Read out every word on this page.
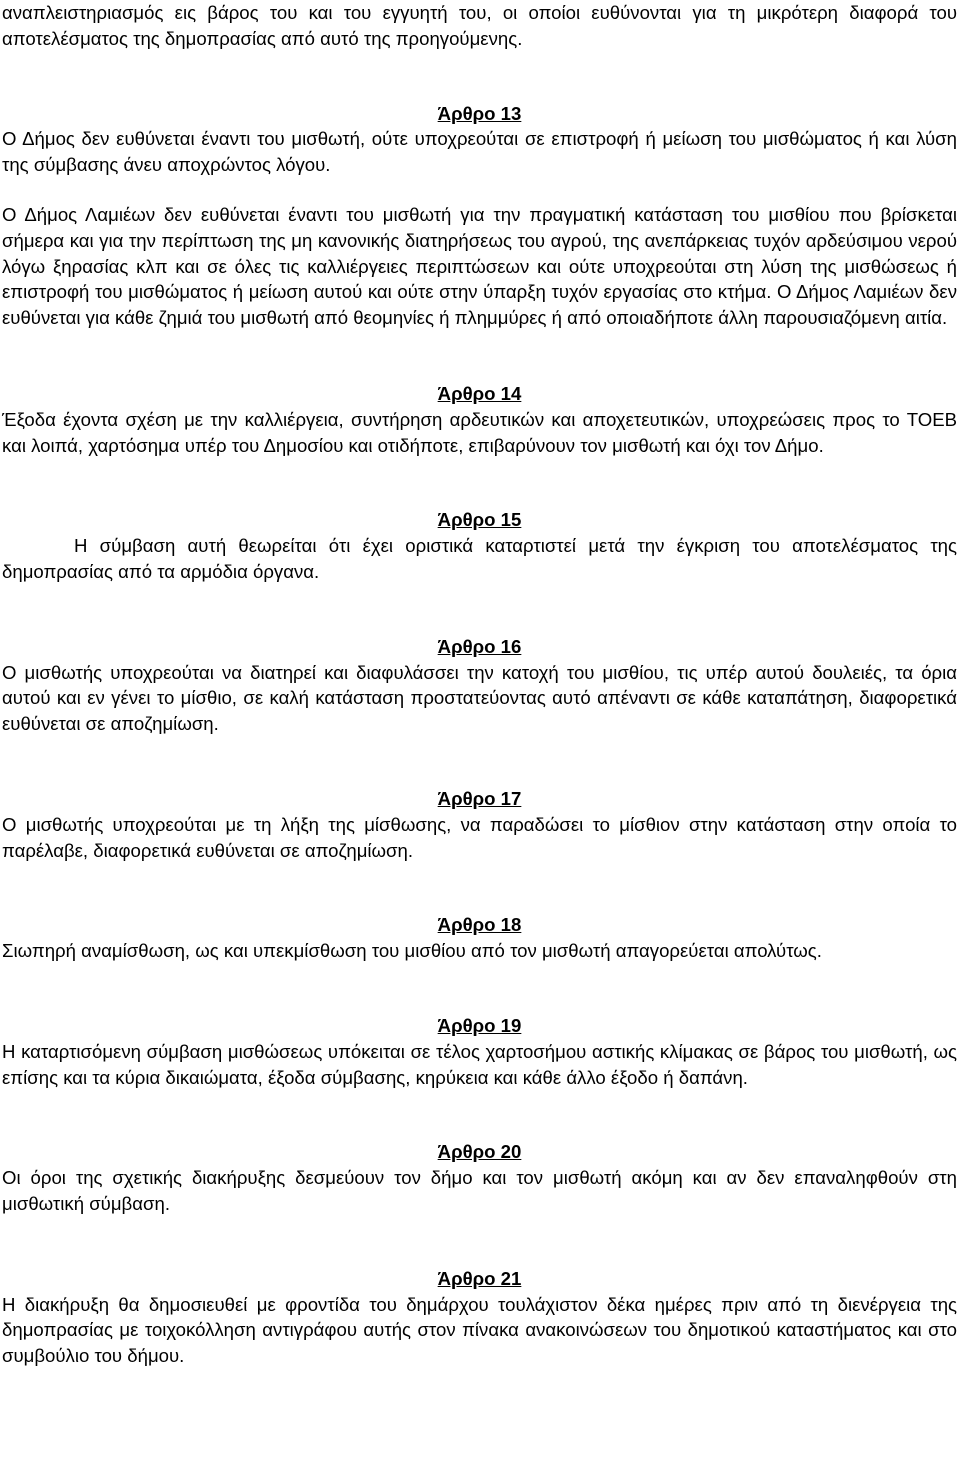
αναπλειστηριασμός εις βάρος του και του εγγυητή του, οι οποίοι ευθύνονται για τη μικρότερη διαφορά του αποτελέσματος της δημοπρασίας από αυτό της προηγούμενης.

Άρθρο 13

Ο Δήμος δεν ευθύνεται έναντι του μισθωτή, ούτε υποχρεούται σε επιστροφή ή μείωση του μισθώματος ή και λύση της σύμβασης άνευ αποχρώντος λόγου.

Ο Δήμος Λαμιέων δεν ευθύνεται έναντι του μισθωτή για την πραγματική κατάσταση του μισθίου που βρίσκεται σήμερα και για την περίπτωση της μη κανονικής διατηρήσεως του αγρού, της ανεπάρκειας τυχόν αρδεύσιμου νερού λόγω ξηρασίας κλπ και σε όλες τις καλλιέργειες περιπτώσεων και ούτε υποχρεούται στη λύση της μισθώσεως ή επιστροφή του μισθώματος ή μείωση αυτού και ούτε στην ύπαρξη τυχόν εργασίας στο κτήμα. Ο Δήμος Λαμιέων δεν ευθύνεται για κάθε ζημιά του μισθωτή από θεομηνίες ή πλημμύρες ή από οποιαδήποτε άλλη παρουσιαζόμενη αιτία.

Άρθρο 14

Έξοδα έχοντα σχέση με την καλλιέργεια, συντήρηση αρδευτικών και αποχετευτικών, υποχρεώσεις προς το ΤΟΕΒ και λοιπά, χαρτόσημα υπέρ του Δημοσίου και οτιδήποτε, επιβαρύνουν τον μισθωτή και όχι τον Δήμο.

Άρθρο 15

Η σύμβαση αυτή θεωρείται ότι έχει οριστικά καταρτιστεί μετά την έγκριση του αποτελέσματος της δημοπρασίας από τα αρμόδια όργανα.

Άρθρο 16

Ο μισθωτής υποχρεούται να διατηρεί και διαφυλάσσει την κατοχή του μισθίου, τις υπέρ αυτού δουλειές, τα όρια αυτού και εν γένει το μίσθιο, σε καλή κατάσταση προστατεύοντας αυτό απέναντι σε κάθε καταπάτηση, διαφορετικά ευθύνεται σε αποζημίωση.

Άρθρο 17

Ο μισθωτής υποχρεούται με τη λήξη της μίσθωσης, να παραδώσει το μίσθιον στην κατάσταση στην οποία το παρέλαβε, διαφορετικά ευθύνεται σε αποζημίωση.

Άρθρο 18

Σιωπηρή αναμίσθωση, ως και υπεκμίσθωση του μισθίου από τον μισθωτή απαγορεύεται απολύτως.

Άρθρο 19

Η καταρτισόμενη σύμβαση μισθώσεως υπόκειται σε τέλος χαρτοσήμου αστικής κλίμακας σε βάρος του μισθωτή, ως επίσης και τα κύρια δικαιώματα, έξοδα σύμβασης, κηρύκεια και κάθε άλλο έξοδο ή δαπάνη.

Άρθρο 20

Οι όροι της σχετικής διακήρυξης δεσμεύουν τον δήμο και τον μισθωτή ακόμη και αν δεν επαναληφθούν στη μισθωτική σύμβαση.

Άρθρο 21

Η διακήρυξη θα δημοσιευθεί με φροντίδα του δημάρχου τουλάχιστον δέκα ημέρες πριν από τη διενέργεια της δημοπρασίας με τοιχοκόλληση αντιγράφου αυτής στον πίνακα ανακοινώσεων του δημοτικού καταστήματος και στο συμβούλιο του δήμου.
